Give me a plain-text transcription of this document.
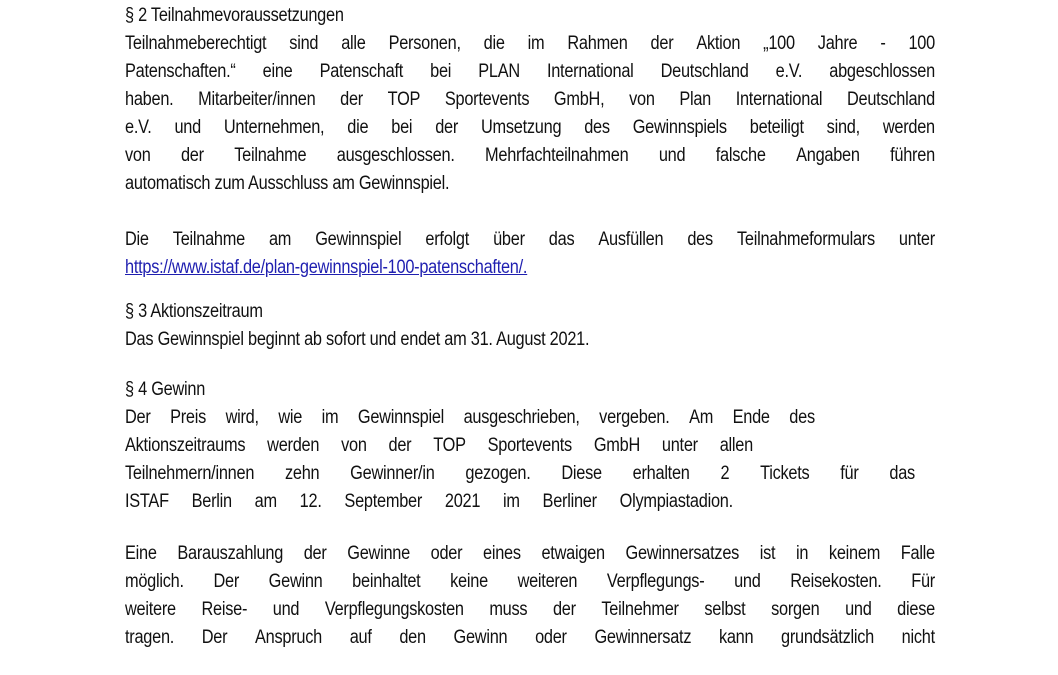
§ 2 Teilnahmevoraussetzungen
Teilnahmeberechtigt sind alle Personen, die im Rahmen der Aktion „100 Jahre - 100
Patenschaften.“ eine Patenschaft bei PLAN International Deutschland e.V. abgeschlossen
haben. Mitarbeiter/innen der TOP Sportevents GmbH, von Plan International Deutschland
e.V. und Unternehmen, die bei der Umsetzung des Gewinnspiels beteiligt sind, werden
von der Teilnahme ausgeschlossen. Mehrfachteilnahmen und falsche Angaben führen
automatisch zum Ausschluss am Gewinnspiel.
Die Teilnahme am Gewinnspiel erfolgt über das Ausfüllen des Teilnahmeformulars unter
https://www.istaf.de/plan-gewinnspiel-100-patenschaften/.
§ 3 Aktionszeitraum
Das Gewinnspiel beginnt ab sofort und endet am 31. August 2021.
§ 4 Gewinn
Der Preis wird, wie im Gewinnspiel ausgeschrieben, vergeben. Am Ende des
Aktionszeitraums werden von der TOP Sportevents GmbH unter allen
Teilnehmern/innen zehn Gewinner/in gezogen. Diese erhalten 2 Tickets für das
ISTAF Berlin am 12. September 2021 im Berliner Olympiastadion.
Eine Barauszahlung der Gewinne oder eines etwaigen Gewinnersatzes ist in keinem Falle
möglich. Der Gewinn beinhaltet keine weiteren Verpflegungs- und Reisekosten. Für
weitere Reise- und Verpflegungskosten muss der Teilnehmer selbst sorgen und diese
tragen. Der Anspruch auf den Gewinn oder Gewinnersatz kann grundsätzlich nicht
